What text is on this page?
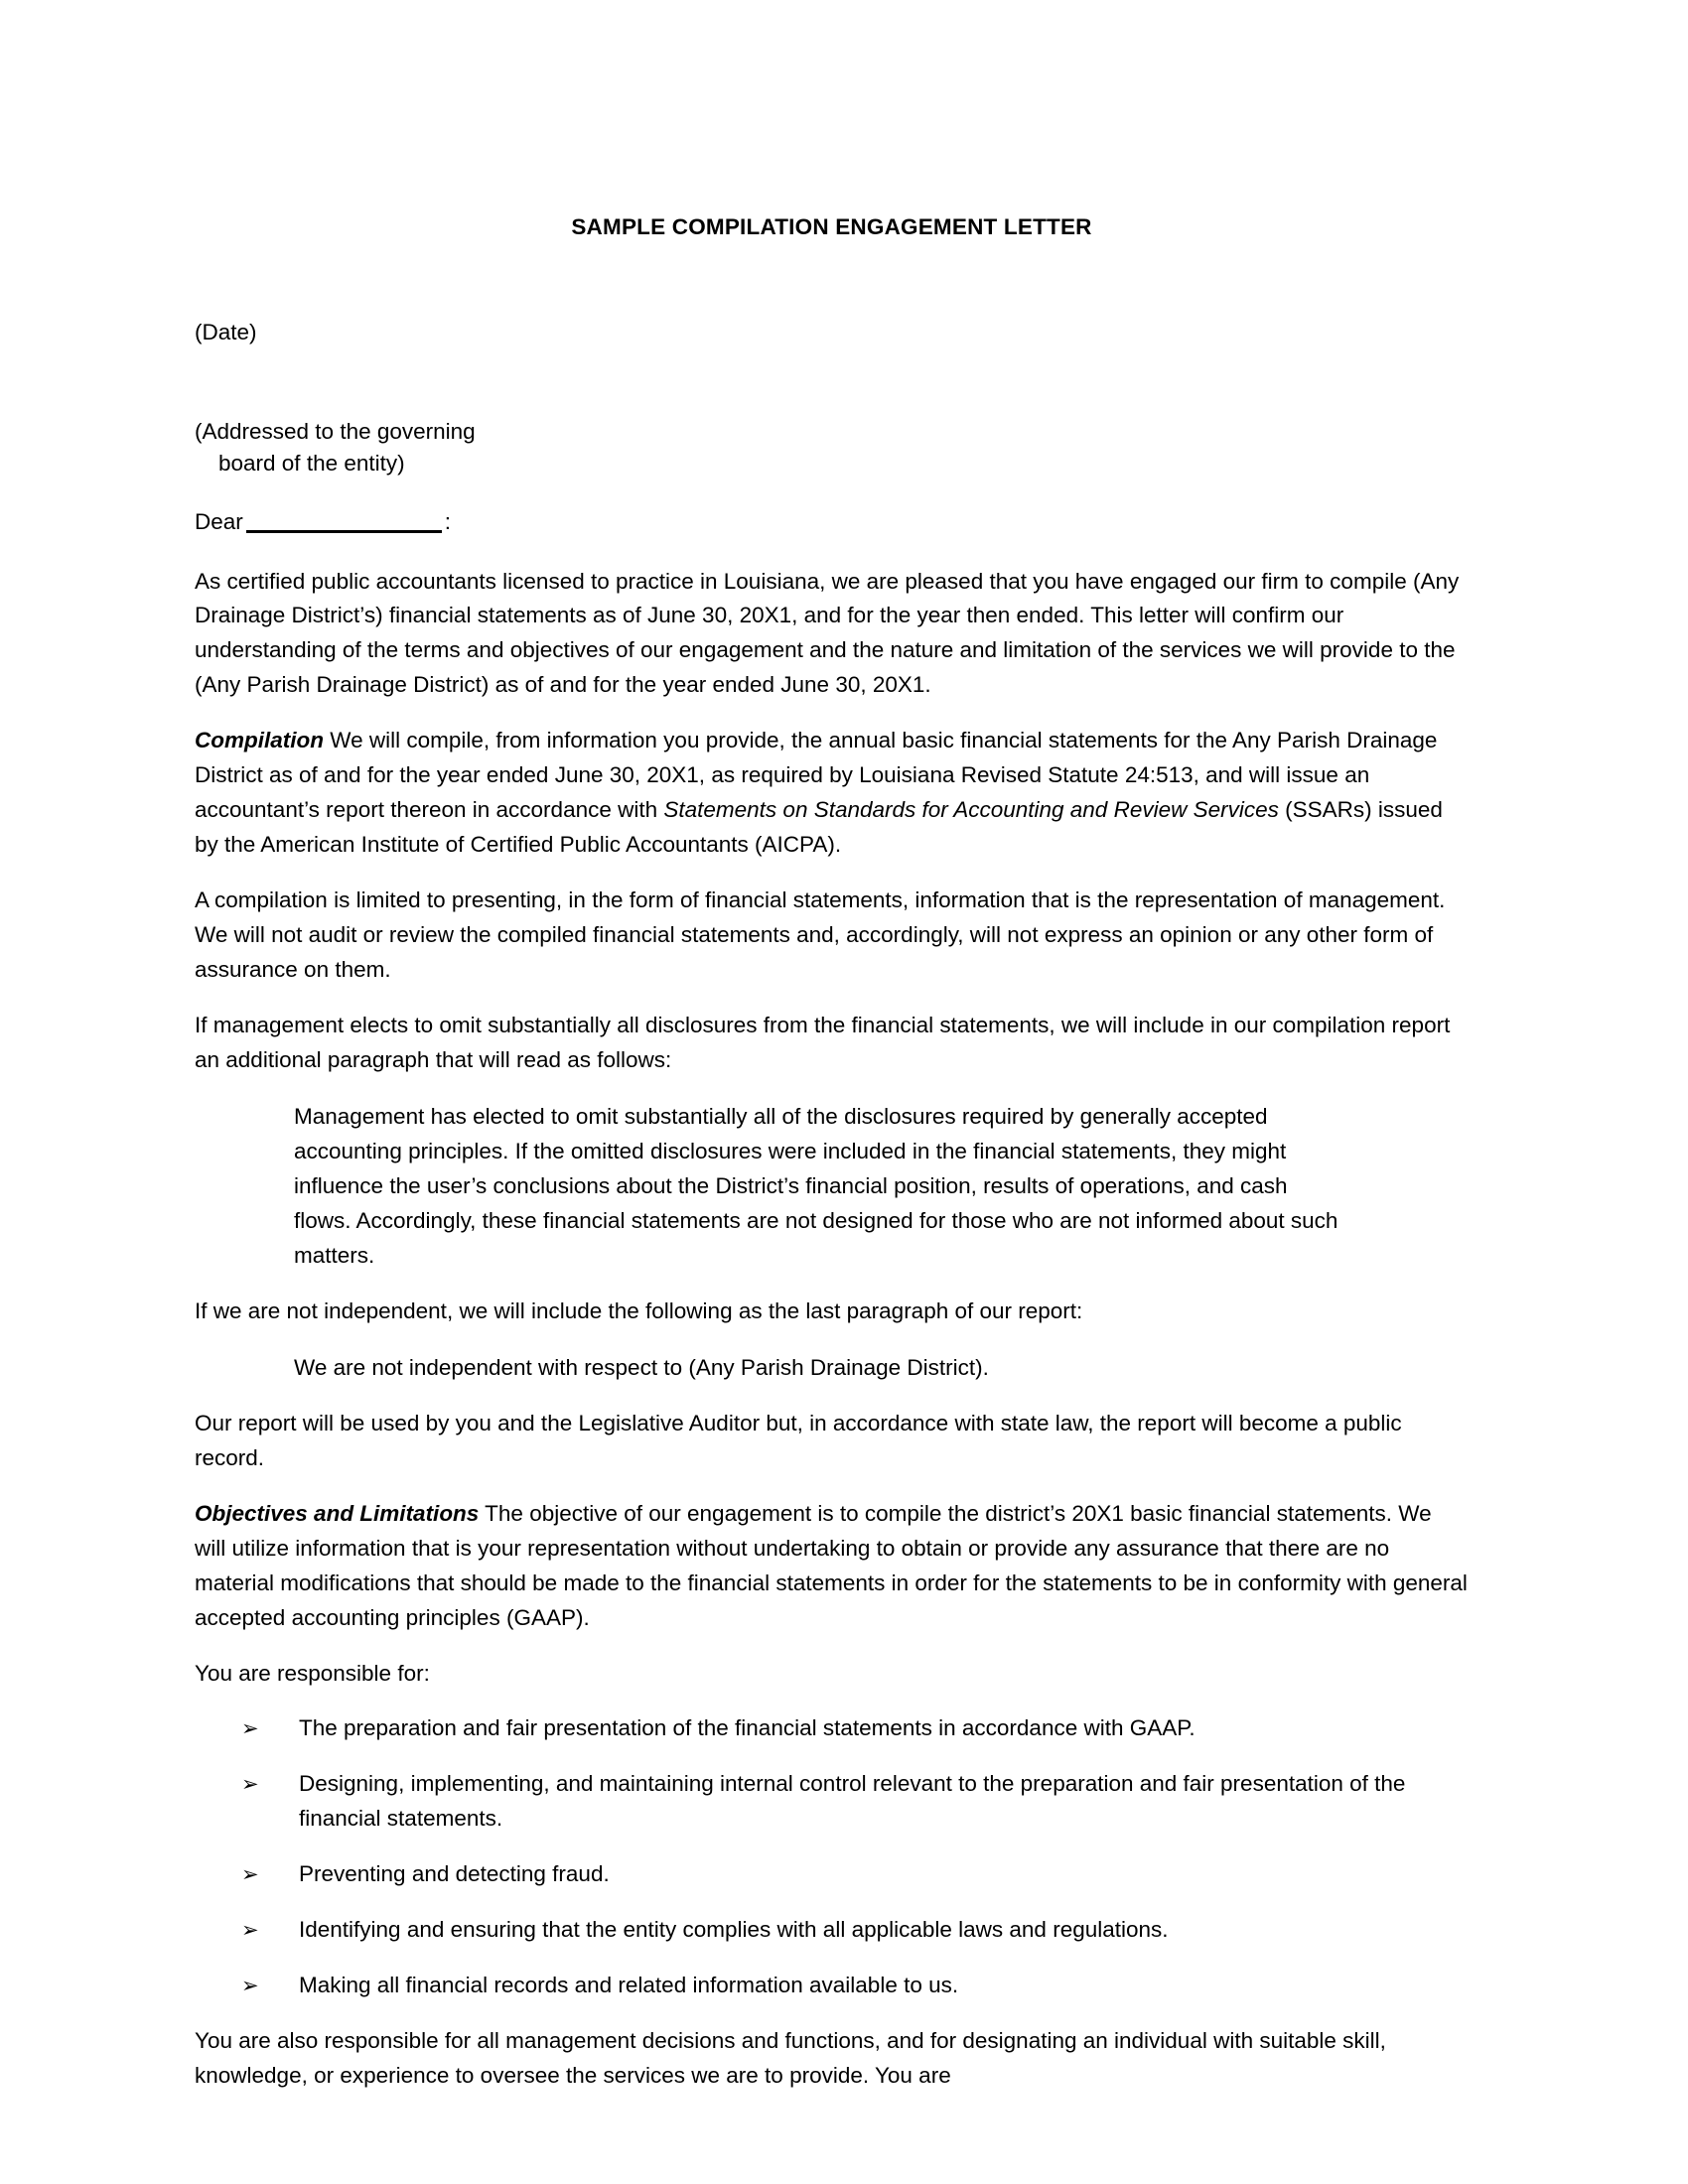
SAMPLE COMPILATION ENGAGEMENT LETTER

(Date)

(Addressed to the governing
board of the entity)

Dear	:

As certified public accountants licensed to practice in Louisiana, we are pleased that you have engaged our firm to compile (Any Drainage District’s) financial statements as of June 30, 20X1, and for the year then ended. This letter will confirm our understanding of the terms and objectives of our engagement and the nature and limitation of the services we will provide to the (Any Parish Drainage District) as of and for the year ended June 30, 20X1.

Compilation We will compile, from information you provide, the annual basic financial statements for the Any Parish Drainage District as of and for the year ended June 30, 20X1, as required by Louisiana Revised Statute 24:513, and will issue an accountant’s report thereon in accordance with Statements on Standards for Accounting and Review Services (SSARs) issued by the American Institute of Certified Public Accountants (AICPA).

A compilation is limited to presenting, in the form of financial statements, information that is the representation of management. We will not audit or review the compiled financial statements and, accordingly, will not express an opinion or any other form of assurance on them.

If management elects to omit substantially all disclosures from the financial statements, we will include in our compilation report an additional paragraph that will read as follows:

Management has elected to omit substantially all of the disclosures required by generally accepted accounting principles. If the omitted disclosures were included in the financial statements, they might influence the user’s conclusions about the District’s financial position, results of operations, and cash flows. Accordingly, these financial statements are not designed for those who are not informed about such matters.

If we are not independent, we will include the following as the last paragraph of our report:

We are not independent with respect to (Any Parish Drainage District).

Our report will be used by you and the Legislative Auditor but, in accordance with state law, the report will become a public record.

Objectives and Limitations The objective of our engagement is to compile the district’s 20X1 basic financial statements. We will utilize information that is your representation without undertaking to obtain or provide any assurance that there are no material modifications that should be made to the financial statements in order for the statements to be in conformity with general accepted accounting principles (GAAP).

You are responsible for:

➢ The preparation and fair presentation of the financial statements in accordance with GAAP.
➢ Designing, implementing, and maintaining internal control relevant to the preparation and fair presentation of the financial statements.
➢ Preventing and detecting fraud.
➢ Identifying and ensuring that the entity complies with all applicable laws and regulations.
➢ Making all financial records and related information available to us.

You are also responsible for all management decisions and functions, and for designating an individual with suitable skill, knowledge, or experience to oversee the services we are to provide. You are
